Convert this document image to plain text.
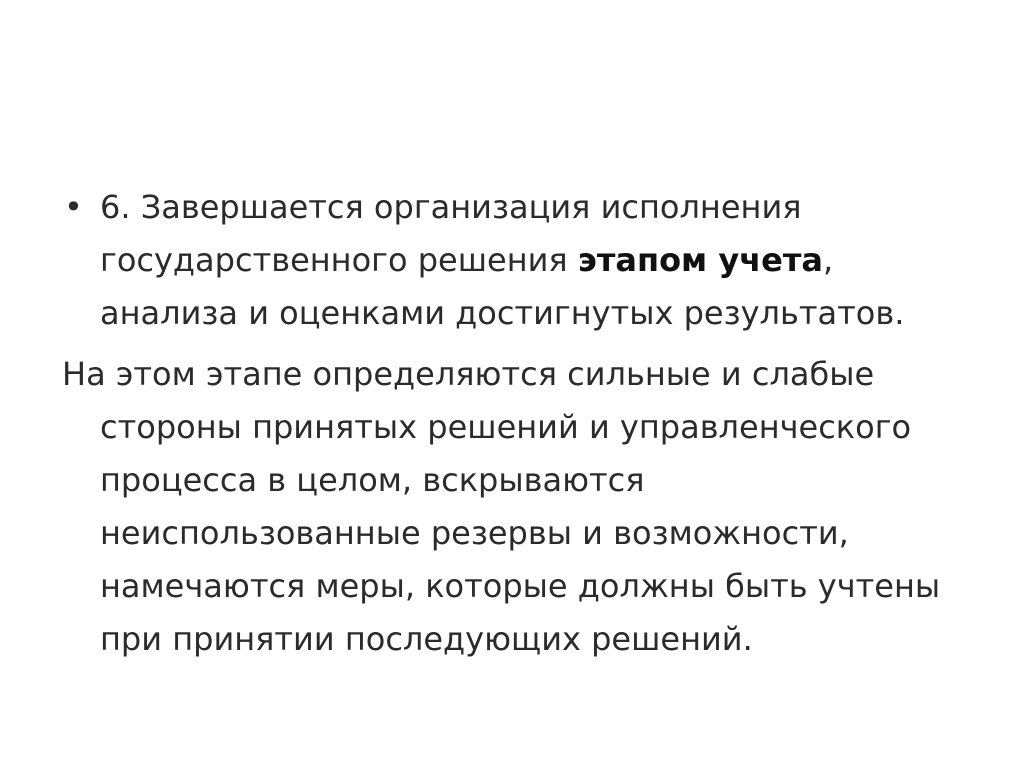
• 6. Завершается организация исполнения государственного решения этапом учета, анализа и оценками достигнутых результатов.

На этом этапе определяются сильные и слабые стороны принятых решений и управленческого процесса в целом, вскрываются неиспользованные резервы и возможности, намечаются меры, которые должны быть учтены при принятии последующих решений.
